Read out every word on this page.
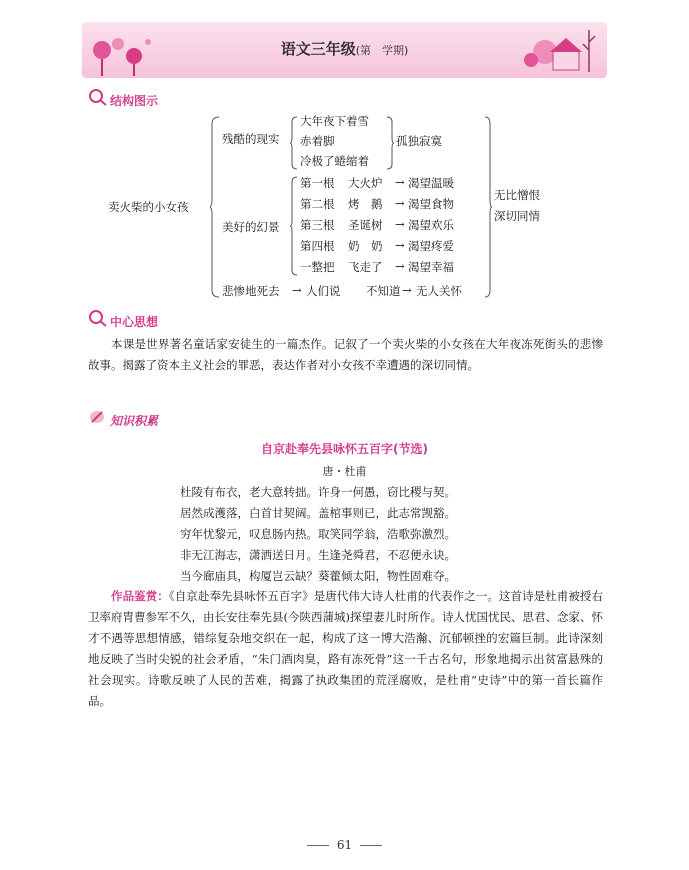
语文三年级(第　学期)
结构图示
卖火柴的小女孩
残酷的现实
大年夜下着雪
赤着脚
冷极了蜷缩着
孤独寂寞
美好的幻景
第一根 大火炉 → 渴望温暖
第二根 烤　鹅 → 渴望食物
第三根 圣诞树 → 渴望欢乐
第四根 奶　奶 → 渴望疼爱
一整把 飞走了 → 渴望幸福
悲惨地死去 → 人们说 不知道 → 无人关怀
无比憎恨
深切同情
中心思想

本课是世界著名童话家安徒生的一篇杰作。记叙了一个卖火柴的小女孩在大年夜冻死街头的悲惨故事。揭露了资本主义社会的罪恶，表达作者对小女孩不幸遭遇的深切同情。

知识积累
自京赴奉先县咏怀五百字(节选)
唐・杜甫
杜陵有布衣，老大意转拙。许身一何愚，窃比稷与契。
居然成濩落，白首甘契阔。盖棺事则已，此志常觊豁。
穷年忧黎元，叹息肠内热。取笑同学翁，浩歌弥激烈。
非无江海志，潇洒送日月。生逢尧舜君，不忍便永诀。
当今廊庙具，构厦岂云缺？葵藿倾太阳，物性固难夺。
作品鉴赏：《自京赴奉先县咏怀五百字》是唐代伟大诗人杜甫的代表作之一。这首诗是杜甫被授右卫率府胄曹参军不久，由长安往奉先县(今陕西蒲城)探望妻儿时所作。诗人忧国忧民、思君、念家、怀才不遇等思想情感，错综复杂地交织在一起，构成了这一博大浩瀚、沉郁顿挫的宏篇巨制。此诗深刻地反映了当时尖锐的社会矛盾，“朱门酒肉臭，路有冻死骨”这一千古名句，形象地揭示出贫富悬殊的社会现实。诗歌反映了人民的苦难，揭露了执政集团的荒淫腐败，是杜甫“史诗”中的第一首长篇作品。
61
